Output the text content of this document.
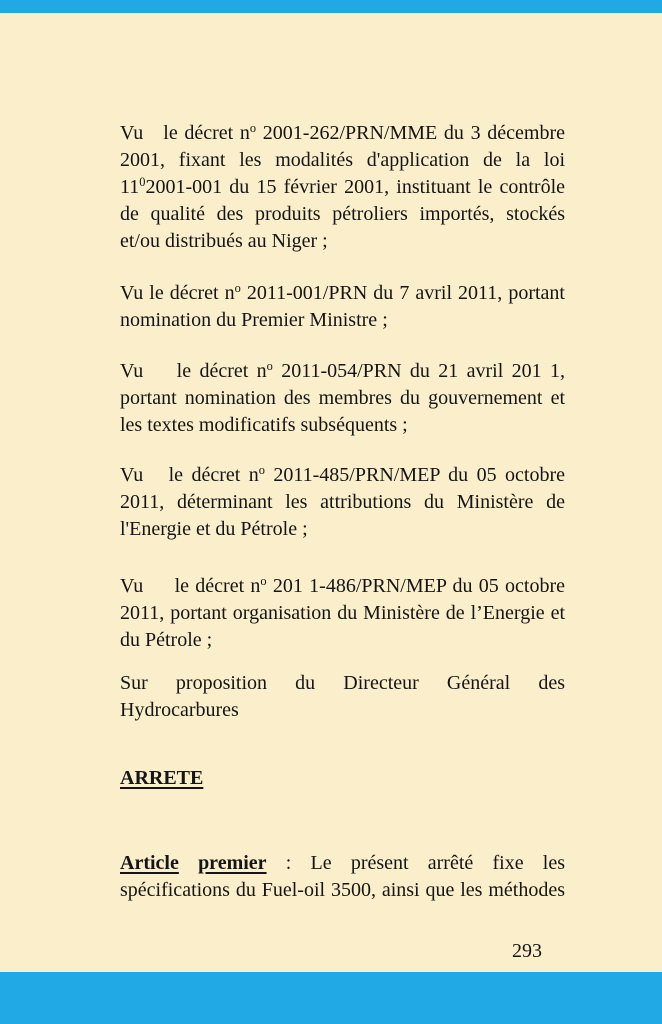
Vu   le décret $n^o$ 2001-262/PRN/MME du 3 décembre
2001, fixant les modalités d'application de la loi
$11^02001-001$ du 15 février 2001, instituant le contrôle
de qualité des produits pétroliers importés, stockés
et/ou distribués au Niger ;
Vu le décret $n^o$ 2011-001/PRN du 7 avril 2011, portant
nomination du Premier Ministre ;
Vu    le décret $n^o$ 2011-054/PRN du 21 avril 201 1,
portant nomination des membres du gouvernement et
les textes modificatifs subséquents ;
Vu   le décret $n^o$ 2011-485/PRN/MEP du 05 octobre
2011, déterminant les attributions du Ministère de
l'Energie et du Pétrole ;
Vu     le décret $n^o$ 201 1-486/PRN/MEP du 05 octobre
2011, portant organisation du Ministère de l’Energie et
du Pétrole ;
Sur proposition du Directeur Général des
Hydrocarbures
ARRETE
Article premier : Le présent arrêté fixe les
spécifications du Fuel-oil 3500, ainsi que les méthodes
293
